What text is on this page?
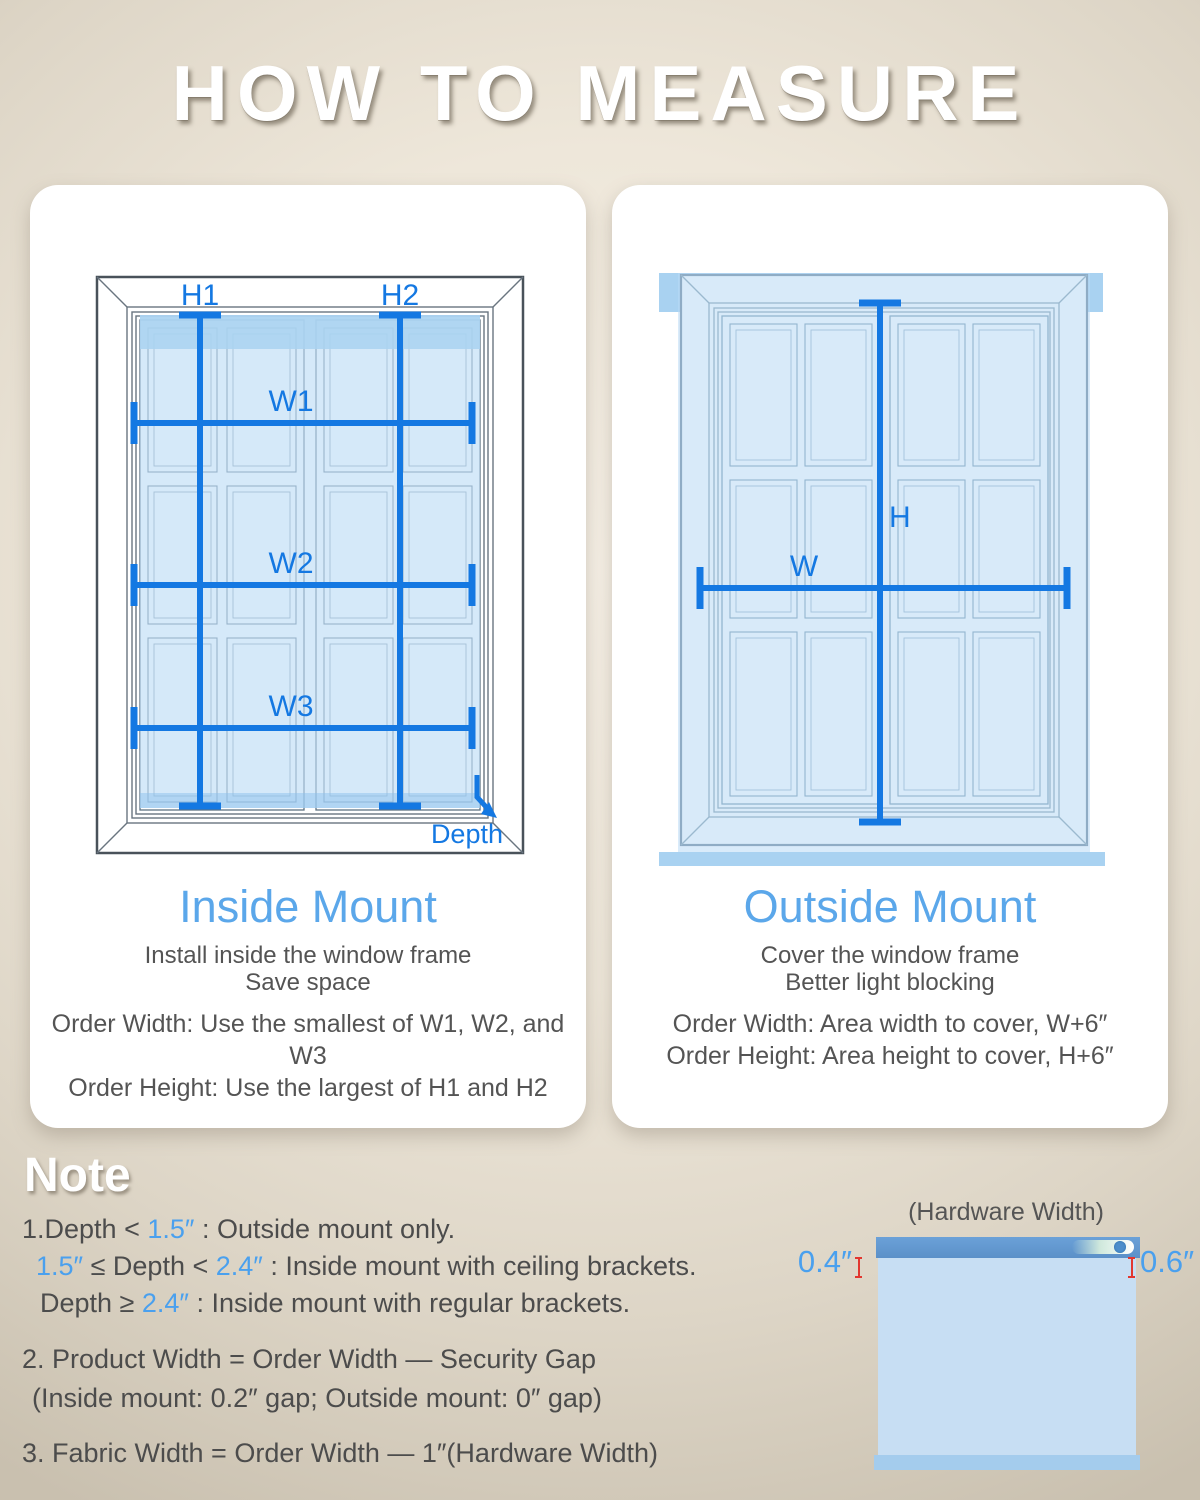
HOW TO MEASURE
H1	H2
W1
W2
W3
Depth
Inside Mount

Install inside the window frame
Save space

Order Width: Use the smallest of W1, W2, and W3
Order Height: Use the largest of H1 and H2

H
W
Outside Mount

Cover the window frame
Better light blocking

Order Width: Area width to cover, W+6″
Order Height: Area height to cover, H+6″

Note

1.Depth < 1.5″ : Outside mount only.

1.5″ ≤ Depth < 2.4″ : Inside mount with ceiling brackets.

Depth ≥ 2.4″ : Inside mount with regular brackets.

2. Product Width = Order Width — Security Gap

(Inside mount: 0.2″ gap; Outside mount: 0″ gap)

3. Fabric Width = Order Width — 1″(Hardware Width)

(Hardware Width)
0.4″	0.6″
